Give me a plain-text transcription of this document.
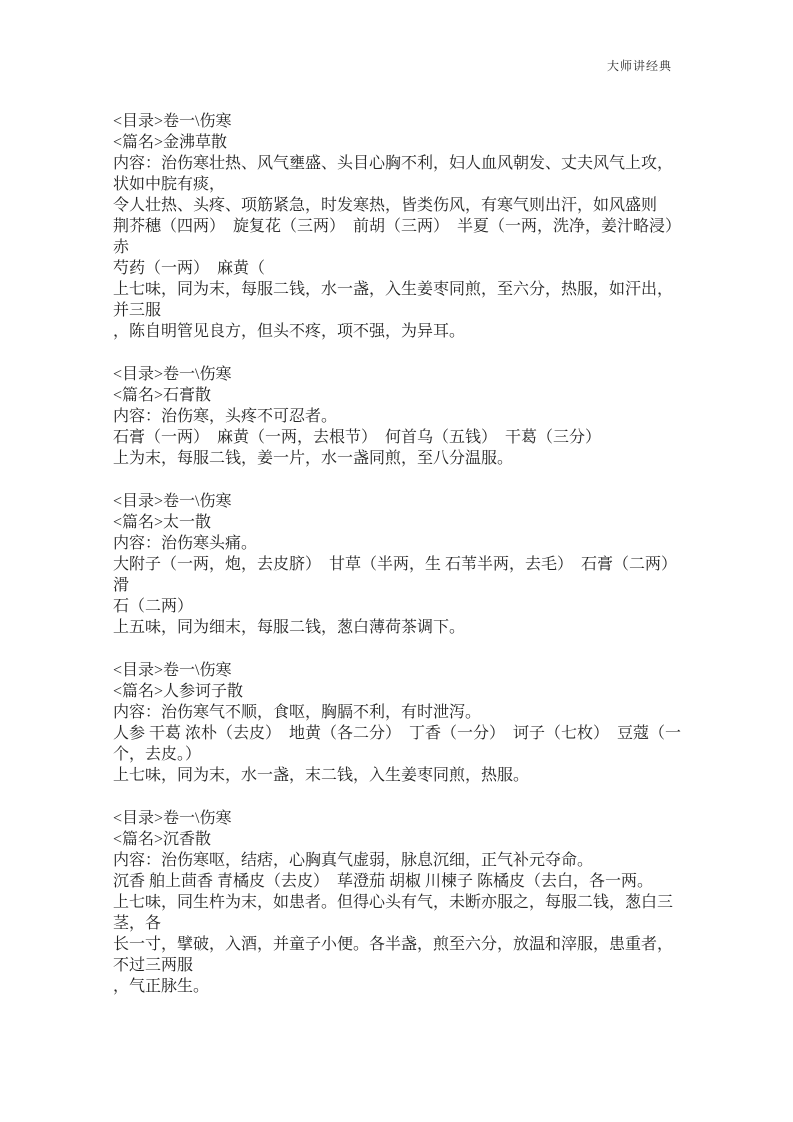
大师讲经典
<目录>卷一\伤寒
<篇名>金沸草散
内容：治伤寒壮热、风气壅盛、头目心胸不利，妇人血风朝发、丈夫风气上攻，
状如中脘有痰，
令人壮热、头疼、项筋紧急，时发寒热，皆类伤风，有寒气则出汗，如风盛则
荆芥穗（四两）  旋复花（三两）  前胡（三两）  半夏（一两，洗净，姜汁略浸）
赤
芍药（一两）  麻黄（
上七味，同为末，每服二钱，水一盏，入生姜枣同煎，至六分，热服，如汗出，
并三服
，陈自明管见良方，但头不疼，项不强，为异耳。
<目录>卷一\伤寒
<篇名>石膏散
内容：治伤寒，头疼不可忍者。
石膏（一两）  麻黄（一两，去根节）  何首乌（五钱）  干葛（三分）
上为末，每服二钱，姜一片，水一盏同煎，至八分温服。
<目录>卷一\伤寒
<篇名>太一散
内容：治伤寒头痛。
大附子（一两，炮，去皮脐）  甘草（半两，生 石苇半两，去毛）  石膏（二两）
滑
石（二两）
上五味，同为细末，每服二钱，葱白薄荷茶调下。
<目录>卷一\伤寒
<篇名>人参诃子散
内容：治伤寒气不顺，食呕，胸膈不利，有时泄泻。
人参 干葛 浓朴（去皮）  地黄（各二分）  丁香（一分）  诃子（七枚）  豆蔻（一
个，去皮。）
上七味，同为末，水一盏，末二钱，入生姜枣同煎，热服。
<目录>卷一\伤寒
<篇名>沉香散
内容：治伤寒呕，结痞，心胸真气虚弱，脉息沉细，正气补元夺命。
沉香 舶上茴香 青橘皮（去皮）  荜澄茄 胡椒 川楝子 陈橘皮（去白，各一两。
上七味，同生杵为末，如患者。但得心头有气，未断亦服之，每服二钱，葱白三
茎，各
长一寸，擘破，入酒，并童子小便。各半盏，煎至六分，放温和滓服，患重者，
不过三两服
，气正脉生。
